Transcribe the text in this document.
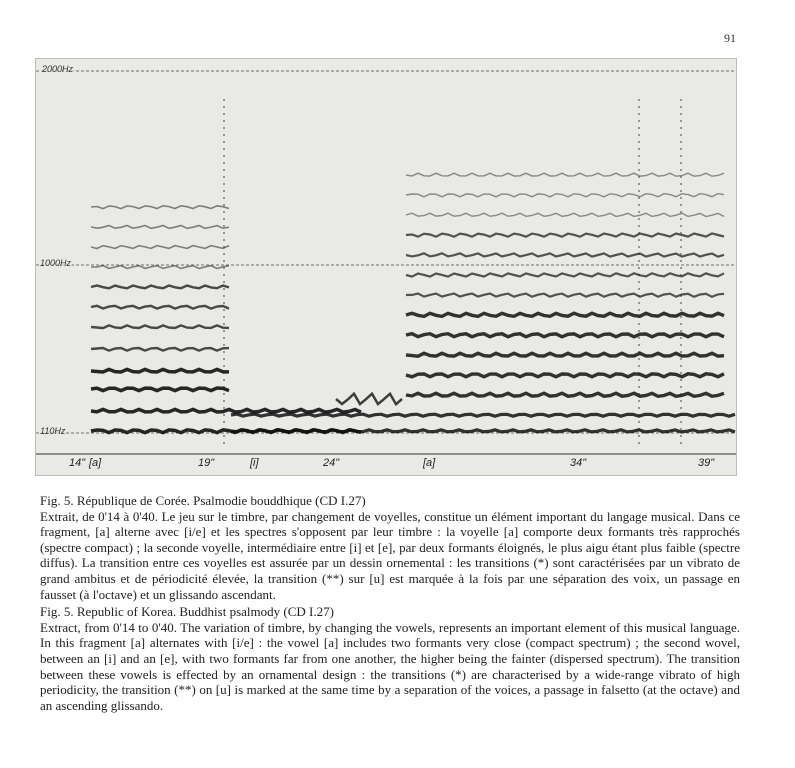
91
2000Hz
1000Hz
110Hz
14" [a]	19"	[i]	24"	[a]	34"	39"

Fig. 5. République de Corée. Psalmodie bouddhique (CD I.27)

Extrait, de 0'14 à 0'40. Le jeu sur le timbre, par changement de voyelles, constitue un élément important du langage musical. Dans ce fragment, [a] alterne avec [i/e] et les spectres s'opposent par leur timbre : la voyelle [a] comporte deux formants très rapprochés (spectre compact) ; la seconde voyelle, intermédiaire entre [i] et [e], par deux formants éloignés, le plus aigu étant plus faible (spectre diffus). La transition entre ces voyelles est assurée par un dessin ornemental : les transitions (*) sont caractérisées par un vibrato de grand ambitus et de périodicité élevée, la transition (**) sur [u] est marquée à la fois par une séparation des voix, un passage en fausset (à l'octave) et un glissando ascendant.

Fig. 5. Republic of Korea. Buddhist psalmody (CD I.27)

Extract, from 0'14 to 0'40. The variation of timbre, by changing the vowels, represents an important element of this musical language. In this fragment [a] alternates with [i/e] : the vowel [a] includes two formants very close (compact spectrum) ; the second wovel, between an [i] and an [e], with two formants far from one another, the higher being the fainter (dispersed spectrum). The transition between these vowels is effected by an ornamental design : the transitions (*) are characterised by a wide-range vibrato of high periodicity, the transition (**) on [u] is marked at the same time by a separation of the voices, a passage in falsetto (at the octave) and an ascending glissando.
